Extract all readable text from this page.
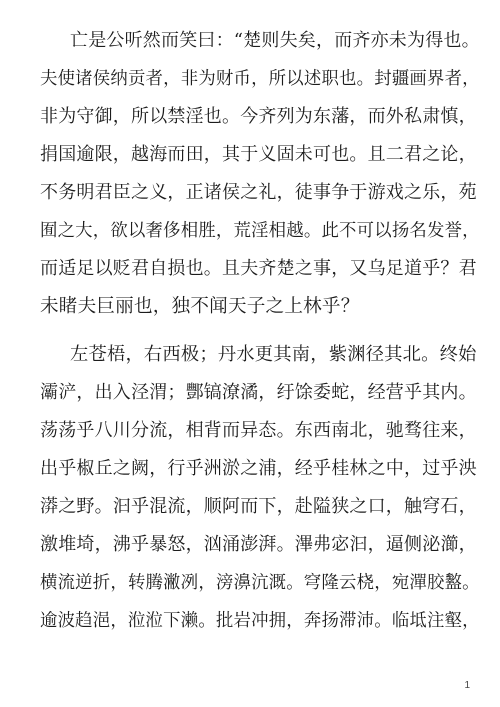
亡是公听然而笑曰：“楚则失矣，而齐亦未为得也。
夫使诸侯纳贡者，非为财币，所以述职也。封疆画界者，
非为守御，所以禁淫也。今齐列为东藩，而外私肃慎，
捐国逾限，越海而田，其于义固未可也。且二君之论，
不务明君臣之义，正诸侯之礼，徒事争于游戏之乐，苑
囿之大，欲以奢侈相胜，荒淫相越。此不可以扬名发誉，
而适足以贬君自损也。且夫齐楚之事，又乌足道乎？君
未睹夫巨丽也，独不闻天子之上林乎？
左苍梧，右西极；丹水更其南，紫渊径其北。终始
灞浐，出入泾渭；酆镐潦潏，纡馀委蛇，经营乎其内。
荡荡乎八川分流，相背而异态。东西南北，驰骛往来，
出乎椒丘之阙，行乎洲淤之浦，经乎桂林之中，过乎泱
漭之野。汩乎混流，顺阿而下，赴隘狭之口，触穹石，
激堆埼，沸乎暴怒，汹涌澎湃。滭弗宓汩，逼侧泌瀄，
横流逆折，转腾潎冽，滂濞沆溉。穹隆云桡，宛潬胶盭。
逾波趋浥，涖涖下濑。批岩冲拥，奔扬滞沛。临坻注壑，
1
